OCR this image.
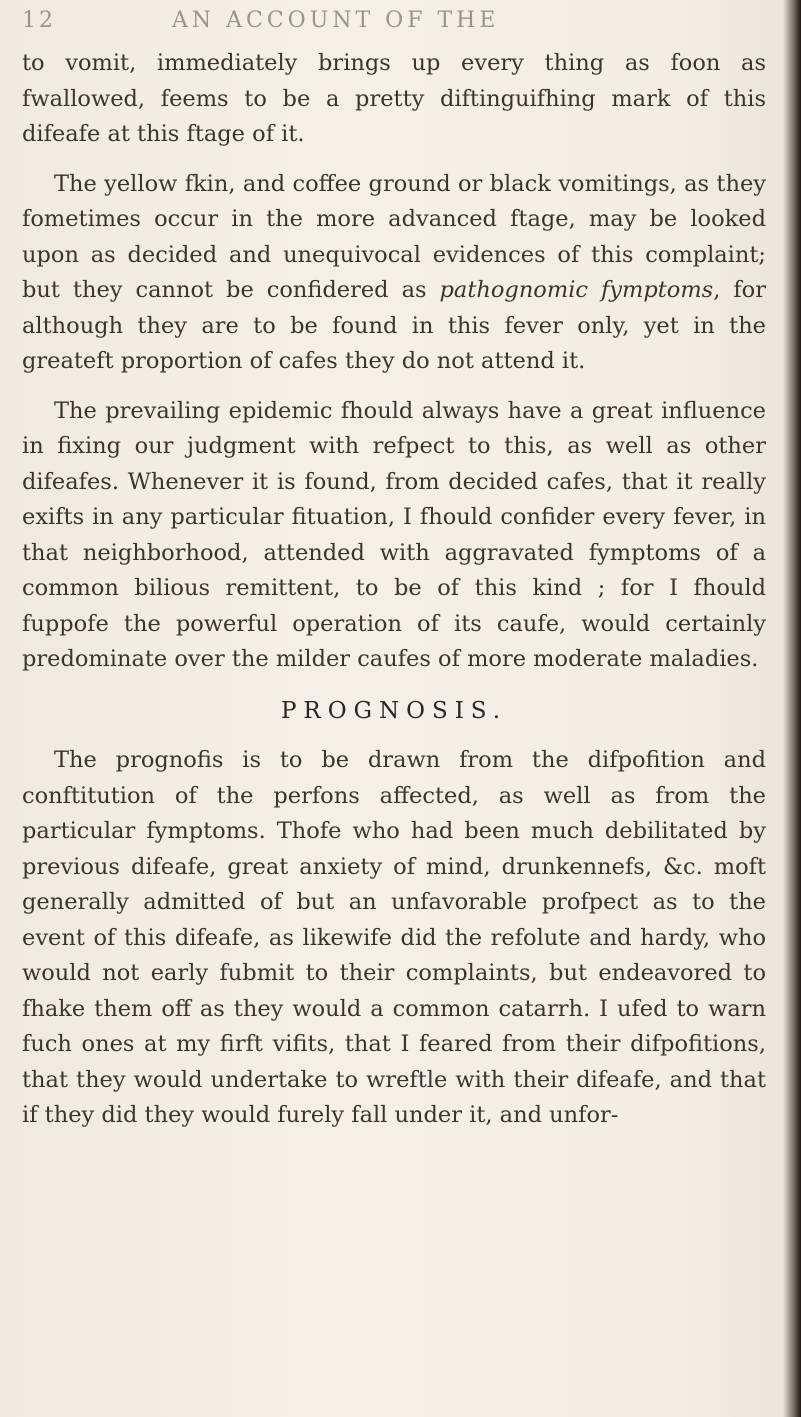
12	AN ACCOUNT OF THE

to vomit, immediately brings up every thing as foon as fwallowed, feems to be a pretty diftinguifhing mark of this difeafe at this ftage of it.

The yellow fkin, and coffee ground or black vomitings, as they fometimes occur in the more advanced ftage, may be looked upon as decided and unequivocal evidences of this complaint; but they cannot be confidered as pathognomic fymptoms, for although they are to be found in this fever only, yet in the greateft proportion of cafes they do not attend it.

The prevailing epidemic fhould always have a great influence in fixing our judgment with refpect to this, as well as other difeafes. Whenever it is found, from decided cafes, that it really exifts in any particular fituation, I fhould confider every fever, in that neighborhood, attended with aggravated fymptoms of a common bilious remittent, to be of this kind ; for I fhould fuppofe the powerful operation of its caufe, would certainly predominate over the milder caufes of more moderate maladies.

PROGNOSIS.

The prognofis is to be drawn from the difpofition and conftitution of the perfons affected, as well as from the particular fymptoms. Thofe who had been much debilitated by previous difeafe, great anxiety of mind, drunkennefs, &c. moft generally admitted of but an unfavorable profpect as to the event of this difeafe, as likewife did the refolute and hardy, who would not early fubmit to their complaints, but endeavored to fhake them off as they would a common catarrh. I ufed to warn fuch ones at my firft vifits, that I feared from their difpofitions, that they would undertake to wreftle with their difeafe, and that if they did they would furely fall under it, and unfor-
